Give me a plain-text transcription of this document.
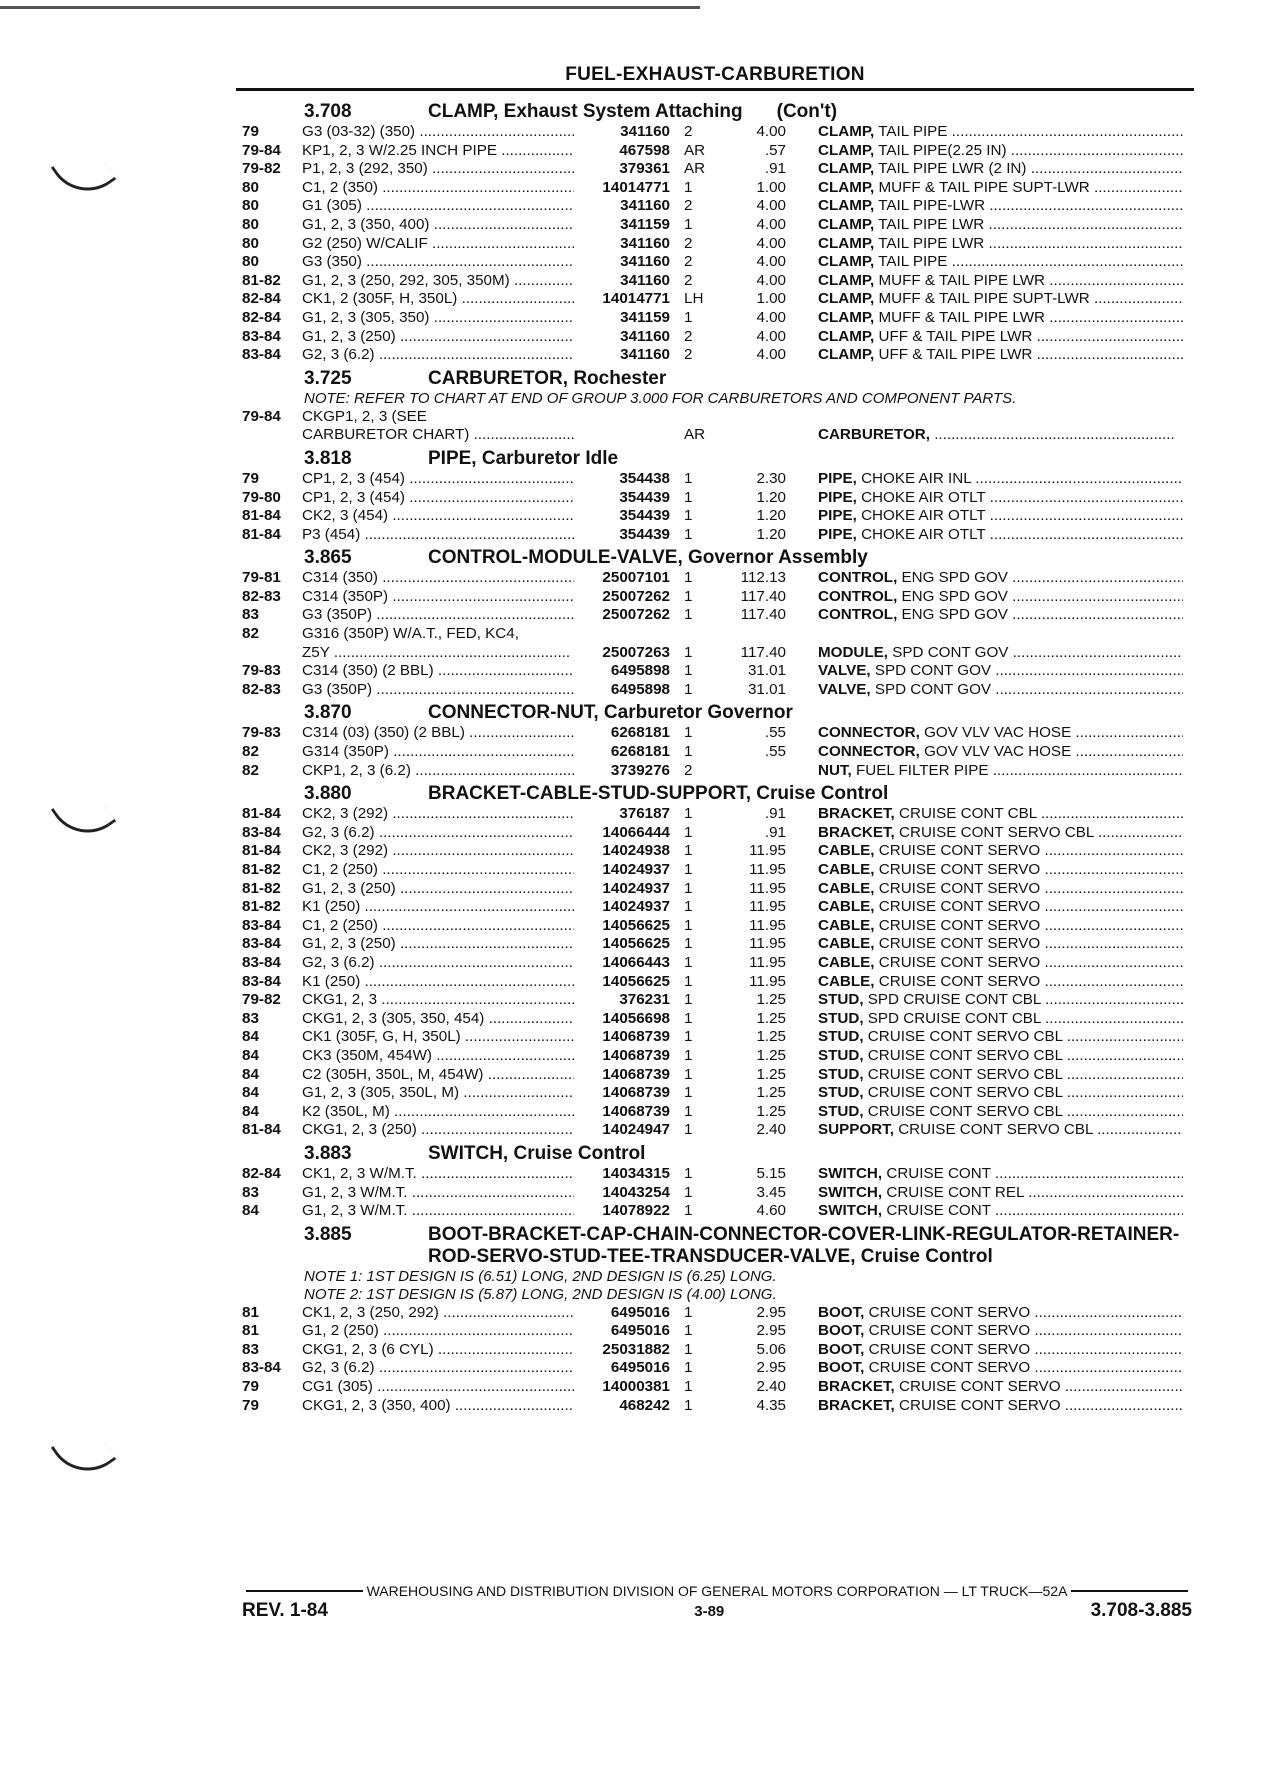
FUEL-EXHAUST-CARBURETION
3.708	CLAMP, Exhaust System Attaching (Con't)
79	G3 (03-32) (350) .....	341160 2	4.00	CLAMP, TAIL PIPE .....
79-84	KP1, 2, 3 W/2.25 INCH PIPE .....	467598 AR	.57	CLAMP, TAIL PIPE(2.25 IN) .....
79-82	P1, 2, 3 (292, 350) .....	379361 AR	.91	CLAMP, TAIL PIPE LWR (2 IN) .....
80	C1, 2 (350) .....	14014771 1	1.00	CLAMP, MUFF & TAIL PIPE SUPT-LWR .....
80	G1 (305) .....	341160 2	4.00	CLAMP, TAIL PIPE-LWR .....
80	G1, 2, 3 (350, 400) .....	341159 1	4.00	CLAMP, TAIL PIPE LWR .....
80	G2 (250) W/CALIF .....	341160 2	4.00	CLAMP, TAIL PIPE LWR .....
80	G3 (350) .....	341160 2	4.00	CLAMP, TAIL PIPE .....
81-82	G1, 2, 3 (250, 292, 305, 350M) .....	341160 2	4.00	CLAMP, MUFF & TAIL PIPE LWR .....
82-84	CK1, 2 (305F, H, 350L) .....	14014771 LH	1.00	CLAMP, MUFF & TAIL PIPE SUPT-LWR .....
82-84	G1, 2, 3 (305, 350) .....	341159 1	4.00	CLAMP, MUFF & TAIL PIPE LWR .....
83-84	G1, 2, 3 (250) .....	341160 2	4.00	CLAMP, UFF & TAIL PIPE LWR .....
83-84	G2, 3 (6.2) .....	341160 2	4.00	CLAMP, UFF & TAIL PIPE LWR .....
3.725	CARBURETOR, Rochester
NOTE: REFER TO CHART AT END OF GROUP 3.000 FOR CARBURETORS AND COMPONENT PARTS.
79-84	CKGP1, 2, 3 (SEE
CARBURETOR CHART) .....	AR	CARBURETOR, .....
3.818	PIPE, Carburetor Idle
79	CP1, 2, 3 (454) .....	354438 1	2.30	PIPE, CHOKE AIR INL .....
79-80	CP1, 2, 3 (454) .....	354439 1	1.20	PIPE, CHOKE AIR OTLT .....
81-84	CK2, 3 (454) .....	354439 1	1.20	PIPE, CHOKE AIR OTLT .....
81-84	P3 (454) .....	354439 1	1.20	PIPE, CHOKE AIR OTLT .....
3.865	CONTROL-MODULE-VALVE, Governor Assembly
79-81	C314 (350) .....	25007101 1	112.13	CONTROL, ENG SPD GOV .....
82-83	C314 (350P) .....	25007262 1	117.40	CONTROL, ENG SPD GOV .....
83	G3 (350P) .....	25007262 1	117.40	CONTROL, ENG SPD GOV .....
82	G316 (350P) W/A.T., FED, KC4,
Z5Y .....	25007263 1	117.40	MODULE, SPD CONT GOV .....
79-83	C314 (350) (2 BBL) .....	6495898 1	31.01	VALVE, SPD CONT GOV .....
82-83	G3 (350P) .....	6495898 1	31.01	VALVE, SPD CONT GOV .....
3.870	CONNECTOR-NUT, Carburetor Governor
79-83	C314 (03) (350) (2 BBL) .....	6268181 1	.55	CONNECTOR, GOV VLV VAC HOSE .....
82	G314 (350P) .....	6268181 1	.55	CONNECTOR, GOV VLV VAC HOSE .....
82	CKP1, 2, 3 (6.2) .....	3739276 2	NUT, FUEL FILTER PIPE .....
3.880	BRACKET-CABLE-STUD-SUPPORT, Cruise Control
81-84	CK2, 3 (292) .....	376187 1	.91	BRACKET, CRUISE CONT CBL .....
83-84	G2, 3 (6.2) .....	14066444 1	.91	BRACKET, CRUISE CONT SERVO CBL .....
81-84	CK2, 3 (292) .....	14024938 1	11.95	CABLE, CRUISE CONT SERVO .....
81-82	C1, 2 (250) .....	14024937 1	11.95	CABLE, CRUISE CONT SERVO .....
81-82	G1, 2, 3 (250) .....	14024937 1	11.95	CABLE, CRUISE CONT SERVO .....
81-82	K1 (250) .....	14024937 1	11.95	CABLE, CRUISE CONT SERVO .....
83-84	C1, 2 (250) .....	14056625 1	11.95	CABLE, CRUISE CONT SERVO .....
83-84	G1, 2, 3 (250) .....	14056625 1	11.95	CABLE, CRUISE CONT SERVO .....
83-84	G2, 3 (6.2) .....	14066443 1	11.95	CABLE, CRUISE CONT SERVO .....
83-84	K1 (250) .....	14056625 1	11.95	CABLE, CRUISE CONT SERVO .....
79-82	CKG1, 2, 3 .....	376231 1	1.25	STUD, SPD CRUISE CONT CBL .....
83	CKG1, 2, 3 (305, 350, 454) .....	14056698 1	1.25	STUD, SPD CRUISE CONT CBL .....
84	CK1 (305F, G, H, 350L) .....	14068739 1	1.25	STUD, CRUISE CONT SERVO CBL .....
84	CK3 (350M, 454W) .....	14068739 1	1.25	STUD, CRUISE CONT SERVO CBL .....
84	C2 (305H, 350L, M, 454W) .....	14068739 1	1.25	STUD, CRUISE CONT SERVO CBL .....
84	G1, 2, 3 (305, 350L, M) .....	14068739 1	1.25	STUD, CRUISE CONT SERVO CBL .....
84	K2 (350L, M) .....	14068739 1	1.25	STUD, CRUISE CONT SERVO CBL .....
81-84	CKG1, 2, 3 (250) .....	14024947 1	2.40	SUPPORT, CRUISE CONT SERVO CBL .....
3.883	SWITCH, Cruise Control
82-84	CK1, 2, 3 W/M.T. .....	14034315 1	5.15	SWITCH, CRUISE CONT .....
83	G1, 2, 3 W/M.T. .....	14043254 1	3.45	SWITCH, CRUISE CONT REL .....
84	G1, 2, 3 W/M.T. .....	14078922 1	4.60	SWITCH, CRUISE CONT .....
3.885	BOOT-BRACKET-CAP-CHAIN-CONNECTOR-COVER-LINK-REGULATOR-RETAINER-ROD-SERVO-STUD-TEE-TRANSDUCER-VALVE, Cruise Control
NOTE 1: 1ST DESIGN IS (6.51) LONG, 2ND DESIGN IS (6.25) LONG.
NOTE 2: 1ST DESIGN IS (5.87) LONG, 2ND DESIGN IS (4.00) LONG.
81	CK1, 2, 3 (250, 292) .....	6495016 1	2.95	BOOT, CRUISE CONT SERVO .....
81	G1, 2 (250) .....	6495016 1	2.95	BOOT, CRUISE CONT SERVO .....
83	CKG1, 2, 3 (6 CYL) .....	25031882 1	5.06	BOOT, CRUISE CONT SERVO .....
83-84	G2, 3 (6.2) .....	6495016 1	2.95	BOOT, CRUISE CONT SERVO .....
79	CG1 (305) .....	14000381 1	2.40	BRACKET, CRUISE CONT SERVO .....
79	CKG1, 2, 3 (350, 400) .....	468242 1	4.35	BRACKET, CRUISE CONT SERVO .....
WAREHOUSING AND DISTRIBUTION DIVISION OF GENERAL MOTORS CORPORATION — LT TRUCK—52A
REV. 1-84	3-89	3.708-3.885
